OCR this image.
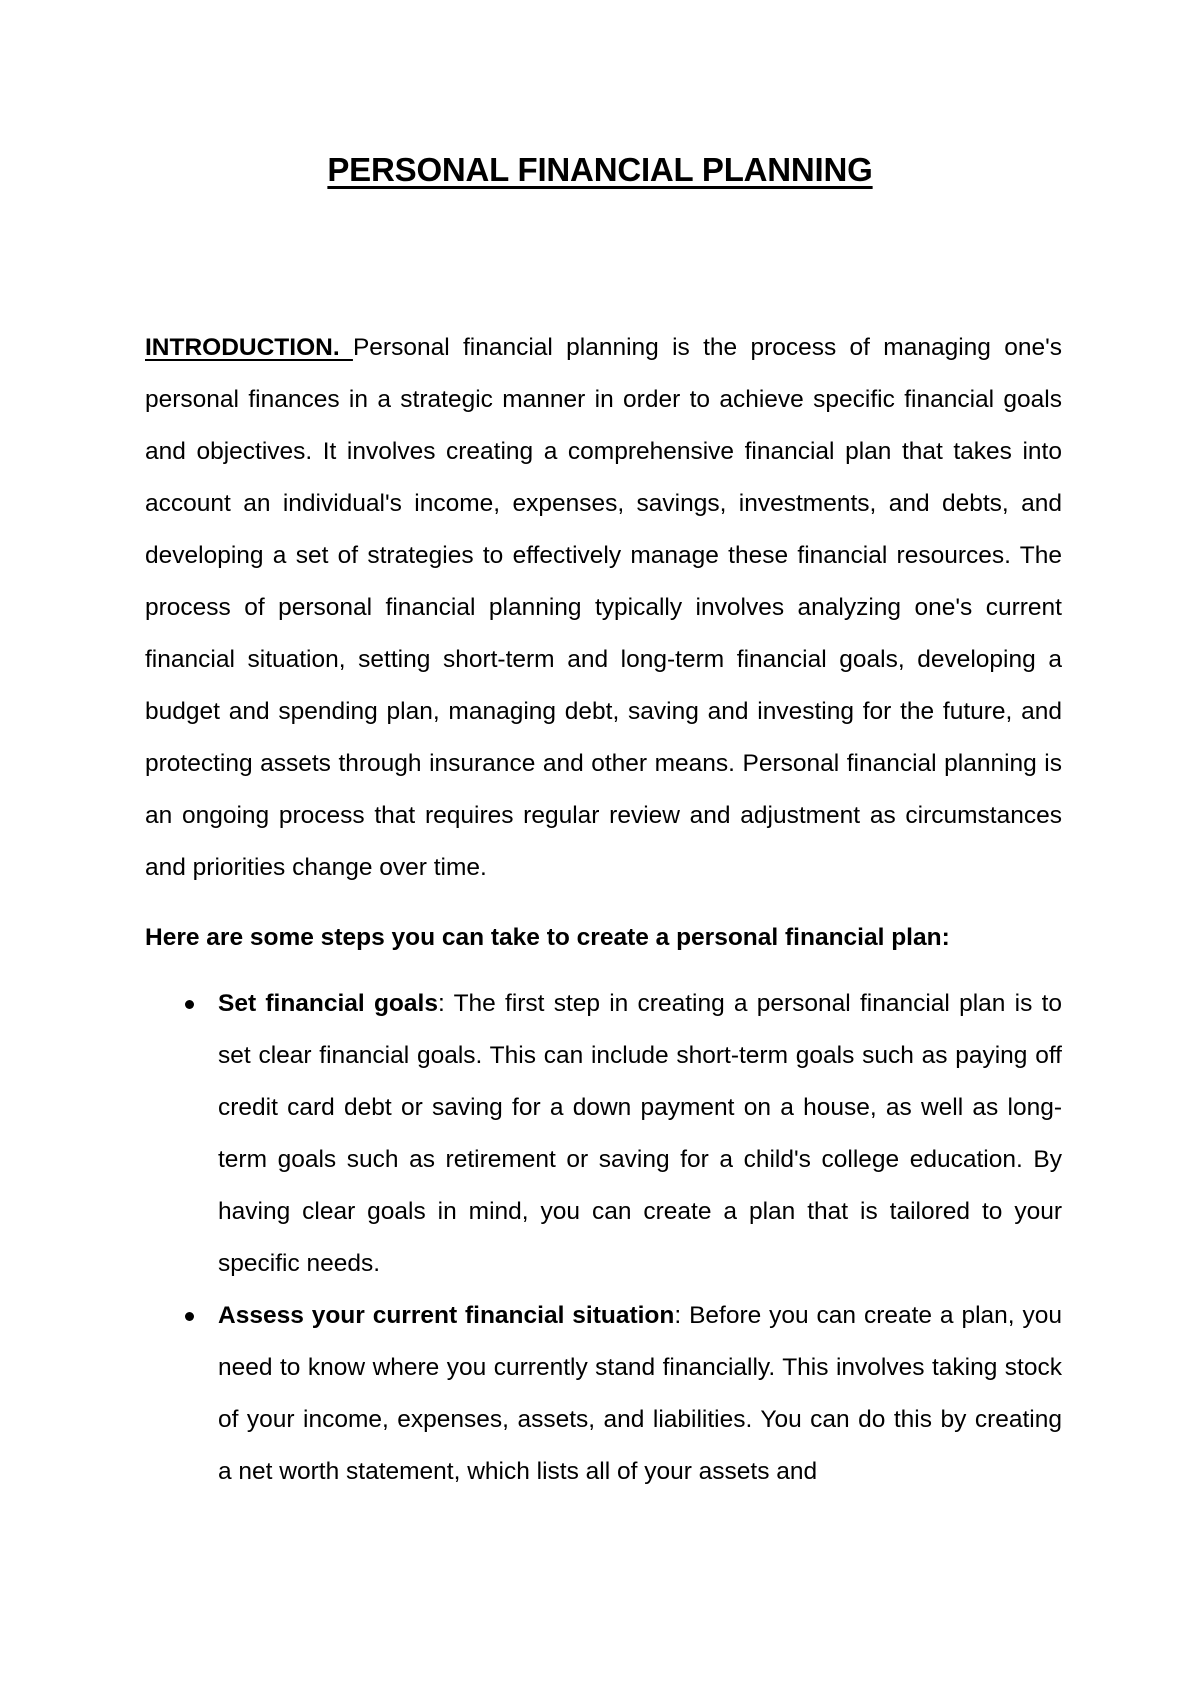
PERSONAL FINANCIAL PLANNING

INTRODUCTION. Personal financial planning is the process of managing one's personal finances in a strategic manner in order to achieve specific financial goals and objectives. It involves creating a comprehensive financial plan that takes into account an individual's income, expenses, savings, investments, and debts, and developing a set of strategies to effectively manage these financial resources. The process of personal financial planning typically involves analyzing one's current financial situation, setting short-term and long-term financial goals, developing a budget and spending plan, managing debt, saving and investing for the future, and protecting assets through insurance and other means. Personal financial planning is an ongoing process that requires regular review and adjustment as circumstances and priorities change over time.

Here are some steps you can take to create a personal financial plan:
Set financial goals: The first step in creating a personal financial plan is to set clear financial goals. This can include short-term goals such as paying off credit card debt or saving for a down payment on a house, as well as long-term goals such as retirement or saving for a child's college education. By having clear goals in mind, you can create a plan that is tailored to your specific needs.
Assess your current financial situation: Before you can create a plan, you need to know where you currently stand financially. This involves taking stock of your income, expenses, assets, and liabilities. You can do this by creating a net worth statement, which lists all of your assets and
